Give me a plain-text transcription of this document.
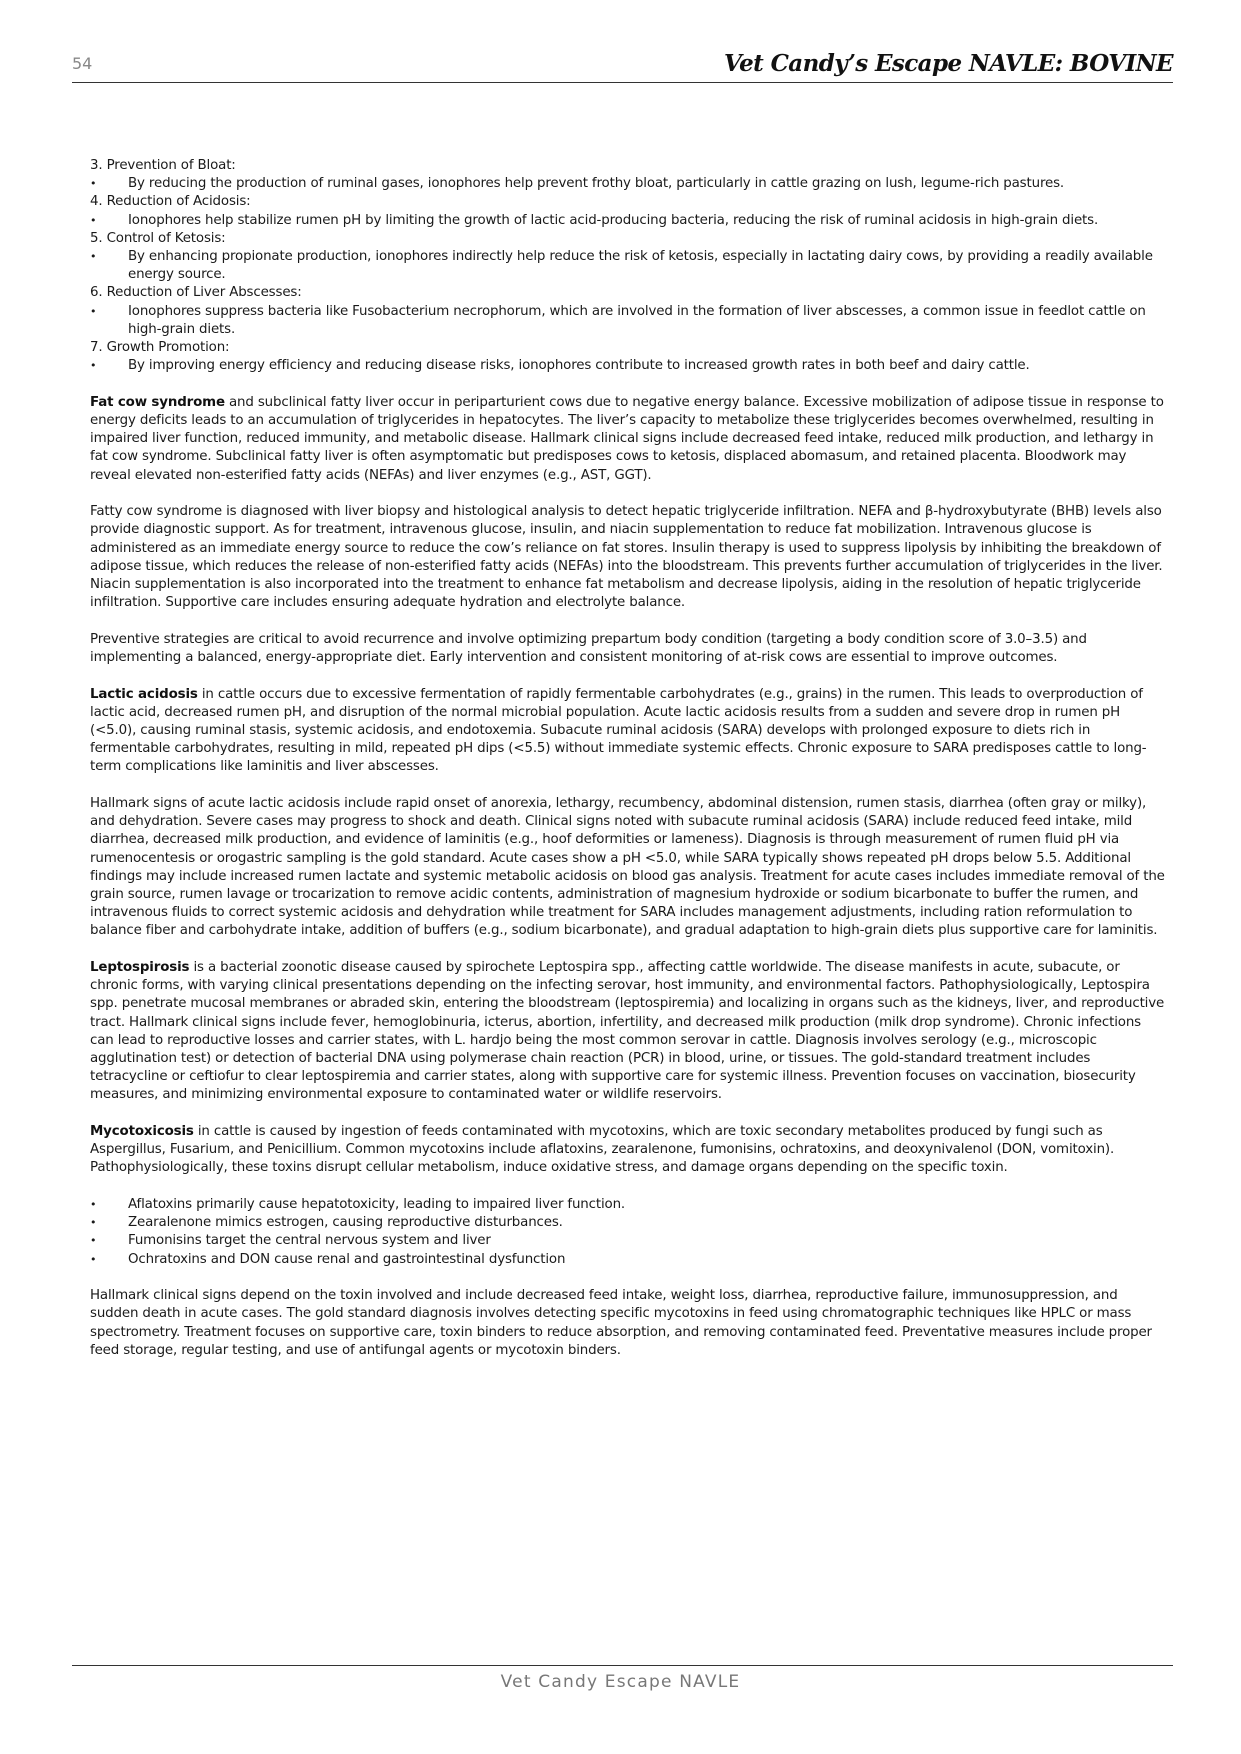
54	Vet Candy’s Escape NAVLE: BOVINE
3. Prevention of Bloat:
• By reducing the production of ruminal gases, ionophores help prevent frothy bloat, particularly in cattle grazing on lush, legume-rich pastures.
4. Reduction of Acidosis:
• Ionophores help stabilize rumen pH by limiting the growth of lactic acid-producing bacteria, reducing the risk of ruminal acidosis in high-grain diets.
5. Control of Ketosis:
• By enhancing propionate production, ionophores indirectly help reduce the risk of ketosis, especially in lactating dairy cows, by providing a readily available energy source.
6. Reduction of Liver Abscesses:
• Ionophores suppress bacteria like Fusobacterium necrophorum, which are involved in the formation of liver abscesses, a common issue in feedlot cattle on high-grain diets.
7. Growth Promotion:
• By improving energy efficiency and reducing disease risks, ionophores contribute to increased growth rates in both beef and dairy cattle.

Fat cow syndrome and subclinical fatty liver occur in periparturient cows due to negative energy balance. Excessive mobilization of adipose tissue in response to energy deficits leads to an accumulation of triglycerides in hepatocytes. The liver’s capacity to metabolize these triglycerides becomes overwhelmed, resulting in impaired liver function, reduced immunity, and metabolic disease. Hallmark clinical signs include decreased feed intake, reduced milk production, and lethargy in fat cow syndrome. Subclinical fatty liver is often asymptomatic but predisposes cows to ketosis, displaced abomasum, and retained placenta. Bloodwork may reveal elevated non-esterified fatty acids (NEFAs) and liver enzymes (e.g., AST, GGT).

Fatty cow syndrome is diagnosed with liver biopsy and histological analysis to detect hepatic triglyceride infiltration. NEFA and β-hydroxybutyrate (BHB) levels also provide diagnostic support. As for treatment, intravenous glucose, insulin, and niacin supplementation to reduce fat mobilization. Intravenous glucose is administered as an immediate energy source to reduce the cow’s reliance on fat stores. Insulin therapy is used to suppress lipolysis by inhibiting the breakdown of adipose tissue, which reduces the release of non-esterified fatty acids (NEFAs) into the bloodstream. This prevents further accumulation of triglycerides in the liver. Niacin supplementation is also incorporated into the treatment to enhance fat metabolism and decrease lipolysis, aiding in the resolution of hepatic triglyceride infiltration. Supportive care includes ensuring adequate hydration and electrolyte balance.

Preventive strategies are critical to avoid recurrence and involve optimizing prepartum body condition (targeting a body condition score of 3.0–3.5) and implementing a balanced, energy-appropriate diet. Early intervention and consistent monitoring of at-risk cows are essential to improve outcomes.

Lactic acidosis in cattle occurs due to excessive fermentation of rapidly fermentable carbohydrates (e.g., grains) in the rumen. This leads to overproduction of lactic acid, decreased rumen pH, and disruption of the normal microbial population. Acute lactic acidosis results from a sudden and severe drop in rumen pH (<5.0), causing ruminal stasis, systemic acidosis, and endotoxemia. Subacute ruminal acidosis (SARA) develops with prolonged exposure to diets rich in fermentable carbohydrates, resulting in mild, repeated pH dips (<5.5) without immediate systemic effects. Chronic exposure to SARA predisposes cattle to long-term complications like laminitis and liver abscesses.

Hallmark signs of acute lactic acidosis include rapid onset of anorexia, lethargy, recumbency, abdominal distension, rumen stasis, diarrhea (often gray or milky), and dehydration. Severe cases may progress to shock and death. Clinical signs noted with subacute ruminal acidosis (SARA) include reduced feed intake, mild diarrhea, decreased milk production, and evidence of laminitis (e.g., hoof deformities or lameness). Diagnosis is through measurement of rumen fluid pH via rumenocentesis or orogastric sampling is the gold standard. Acute cases show a pH <5.0, while SARA typically shows repeated pH drops below 5.5. Additional findings may include increased rumen lactate and systemic metabolic acidosis on blood gas analysis. Treatment for acute cases includes immediate removal of the grain source, rumen lavage or trocarization to remove acidic contents, administration of magnesium hydroxide or sodium bicarbonate to buffer the rumen, and intravenous fluids to correct systemic acidosis and dehydration while treatment for SARA includes management adjustments, including ration reformulation to balance fiber and carbohydrate intake, addition of buffers (e.g., sodium bicarbonate), and gradual adaptation to high-grain diets plus supportive care for laminitis.

Leptospirosis is a bacterial zoonotic disease caused by spirochete Leptospira spp., affecting cattle worldwide. The disease manifests in acute, subacute, or chronic forms, with varying clinical presentations depending on the infecting serovar, host immunity, and environmental factors. Pathophysiologically, Leptospira spp. penetrate mucosal membranes or abraded skin, entering the bloodstream (leptospiremia) and localizing in organs such as the kidneys, liver, and reproductive tract. Hallmark clinical signs include fever, hemoglobinuria, icterus, abortion, infertility, and decreased milk production (milk drop syndrome). Chronic infections can lead to reproductive losses and carrier states, with L. hardjo being the most common serovar in cattle. Diagnosis involves serology (e.g., microscopic agglutination test) or detection of bacterial DNA using polymerase chain reaction (PCR) in blood, urine, or tissues. The gold-standard treatment includes tetracycline or ceftiofur to clear leptospiremia and carrier states, along with supportive care for systemic illness. Prevention focuses on vaccination, biosecurity measures, and minimizing environmental exposure to contaminated water or wildlife reservoirs.

Mycotoxicosis in cattle is caused by ingestion of feeds contaminated with mycotoxins, which are toxic secondary metabolites produced by fungi such as Aspergillus, Fusarium, and Penicillium. Common mycotoxins include aflatoxins, zearalenone, fumonisins, ochratoxins, and deoxynivalenol (DON, vomitoxin). Pathophysiologically, these toxins disrupt cellular metabolism, induce oxidative stress, and damage organs depending on the specific toxin.

• Aflatoxins primarily cause hepatotoxicity, leading to impaired liver function.
• Zearalenone mimics estrogen, causing reproductive disturbances.
• Fumonisins target the central nervous system and liver
• Ochratoxins and DON cause renal and gastrointestinal dysfunction

Hallmark clinical signs depend on the toxin involved and include decreased feed intake, weight loss, diarrhea, reproductive failure, immunosuppression, and sudden death in acute cases. The gold standard diagnosis involves detecting specific mycotoxins in feed using chromatographic techniques like HPLC or mass spectrometry. Treatment focuses on supportive care, toxin binders to reduce absorption, and removing contaminated feed. Preventative measures include proper feed storage, regular testing, and use of antifungal agents or mycotoxin binders.

Vet Candy Escape NAVLE
